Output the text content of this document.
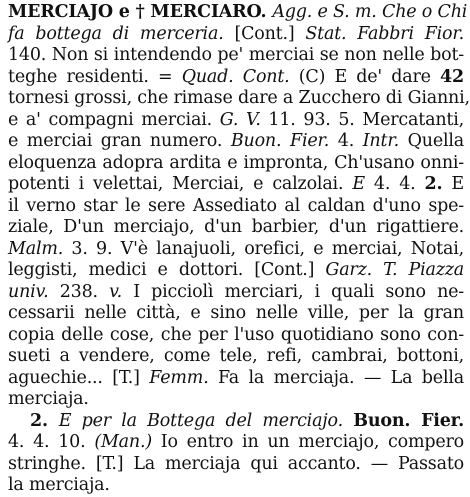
MERCIAJO e † MERCIARO. Agg. e S. m. Che o Chi
fa bottega di merceria. [Cont.] Stat. Fabbri Fior.
140. Non si intendendo pe' merciai se non nelle bot-
teghe residenti. = Quad. Cont. (C) E de' dare 42
tornesi grossi, che rimase dare a Zucchero di Gianni,
e a' compagni merciai. G. V. 11. 93. 5. Mercatanti,
e merciai gran numero. Buon. Fier. 4. Intr. Quella
eloquenza adopra ardita e impronta, Ch'usano onni-
potenti i velettai, Merciai, e calzolai. E 4. 4. 2. E
il verno star le sere Assediato al caldan d'uno spe-
ziale, D'un merciajo, d'un barbier, d'un rigattiere.
Malm. 3. 9. V'è lanajuoli, orefici, e merciai, Notai,
leggisti, medici e dottori. [Cont.] Garz. T. Piazza
univ. 238. v. I picciolì merciari, i quali sono ne-
cessarii nelle città, e sino nelle ville, per la gran
copia delle cose, che per l'uso quotidiano sono con-
sueti a vendere, come tele, refi, cambrai, bottoni,
aguechie... [T.] Femm. Fa la merciaja. — La bella
merciaja.
2. E per la Bottega del merciajo. Buon. Fier.
4. 4. 10. (Man.) Io entro in un merciajo, compero
stringhe. [T.] La merciaja qui accanto. — Passato
la merciaja.
